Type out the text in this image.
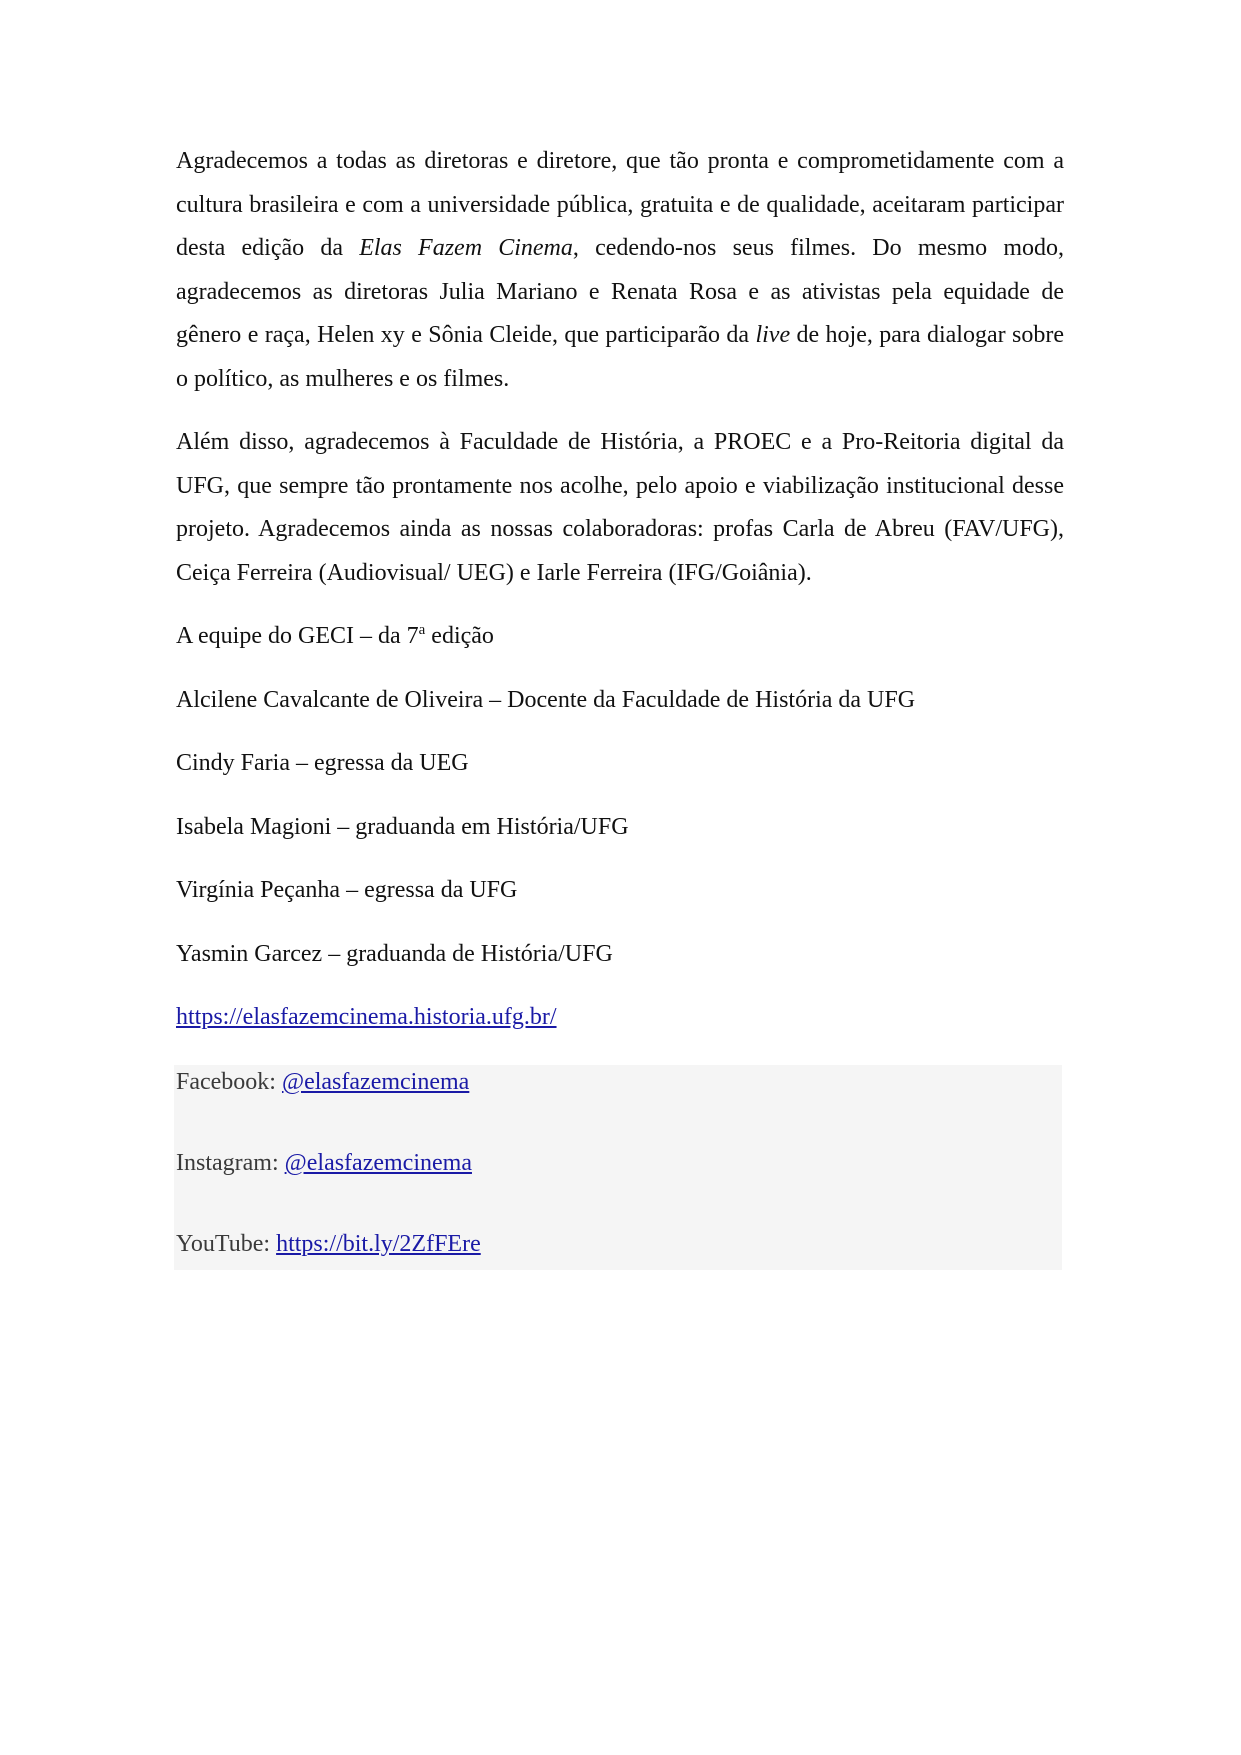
Agradecemos a todas as diretoras e diretore, que tão pronta e comprometidamente com a cultura brasileira e com a universidade pública, gratuita e de qualidade, aceitaram participar desta edição da Elas Fazem Cinema, cedendo-nos seus filmes. Do mesmo modo, agradecemos as diretoras Julia Mariano e Renata Rosa e as ativistas pela equidade de gênero e raça, Helen xy e Sônia Cleide, que participarão da live de hoje, para dialogar sobre o político, as mulheres e os filmes.

Além disso, agradecemos à Faculdade de História, a PROEC e a Pro-Reitoria digital da UFG, que sempre tão prontamente nos acolhe, pelo apoio e viabilização institucional desse projeto. Agradecemos ainda as nossas colaboradoras: profas Carla de Abreu (FAV/UFG), Ceiça Ferreira (Audiovisual/ UEG) e Iarle Ferreira (IFG/Goiânia).

A equipe do GECI – da 7$^a$ edição

Alcilene Cavalcante de Oliveira – Docente da Faculdade de História da UFG

Cindy Faria – egressa da UEG

Isabela Magioni – graduanda em História/UFG

Virgínia Peçanha – egressa da UFG

Yasmin Garcez – graduanda de História/UFG

https://elasfazemcinema.historia.ufg.br/

Facebook: @elasfazemcinema
Instagram: @elasfazemcinema
YouTube: https://bit.ly/2ZfFEre
